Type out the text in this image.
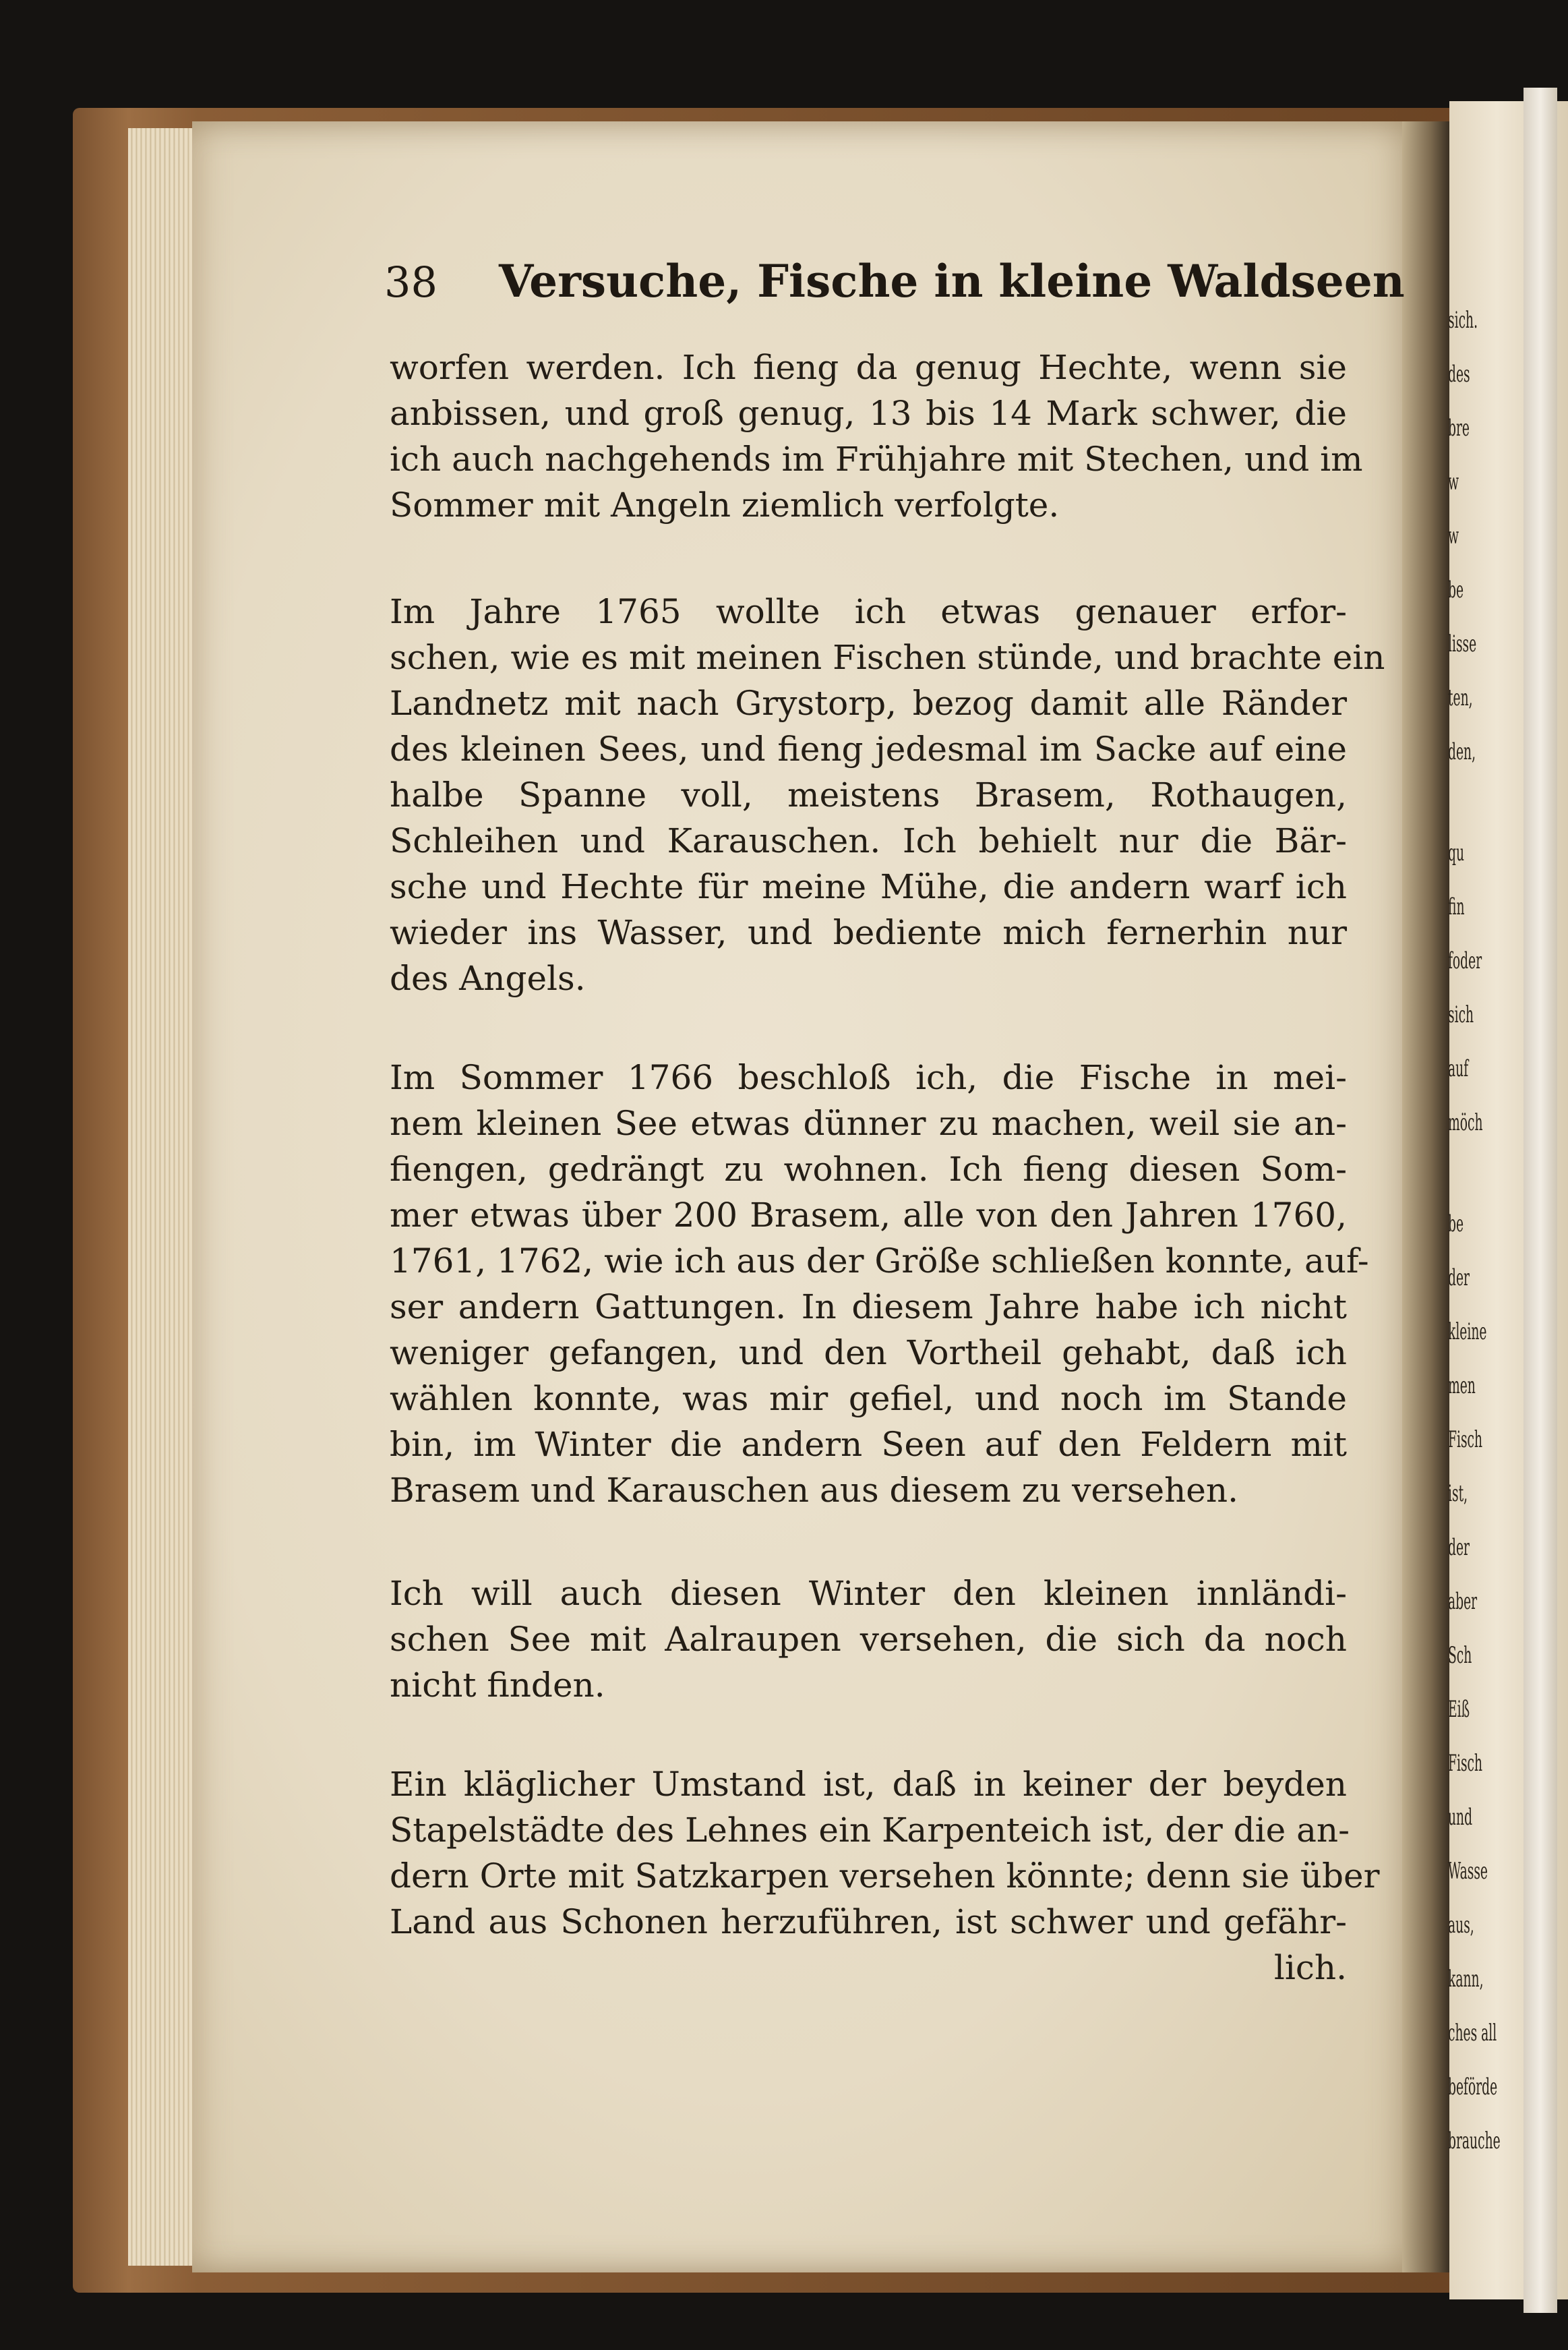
sich.
des
bre
w
w
be
lisse
ten,
den,
qu
fin
foder
sich
auf
möch
be
der
kleine
men
Fisch
ist,
der
aber
Sch
Eiß
Fisch
und
Wasse
aus,
kann,
ches all
beförde
brauche
38 Versuche, Fische in kleine Waldseen
worfen werden. Ich fieng da genug Hechte, wenn sie
anbissen, und groß genug, 13 bis 14 Mark schwer, die
ich auch nachgehends im Frühjahre mit Stechen, und im
Sommer mit Angeln ziemlich verfolgte.
Im Jahre 1765 wollte ich etwas genauer erfor-
schen, wie es mit meinen Fischen stünde, und brachte ein
Landnetz mit nach Grystorp, bezog damit alle Ränder
des kleinen Sees, und fieng jedesmal im Sacke auf eine
halbe Spanne voll, meistens Brasem, Rothaugen,
Schleihen und Karauschen. Ich behielt nur die Bär-
sche und Hechte für meine Mühe, die andern warf ich
wieder ins Wasser, und bediente mich fernerhin nur
des Angels.
Im Sommer 1766 beschloß ich, die Fische in mei-
nem kleinen See etwas dünner zu machen, weil sie an-
fiengen, gedrängt zu wohnen. Ich fieng diesen Som-
mer etwas über 200 Brasem, alle von den Jahren 1760,
1761, 1762, wie ich aus der Größe schließen konnte, auf-
ser andern Gattungen. In diesem Jahre habe ich nicht
weniger gefangen, und den Vortheil gehabt, daß ich
wählen konnte, was mir gefiel, und noch im Stande
bin, im Winter die andern Seen auf den Feldern mit
Brasem und Karauschen aus diesem zu versehen.
Ich will auch diesen Winter den kleinen innländi-
schen See mit Aalraupen versehen, die sich da noch
nicht finden.
Ein kläglicher Umstand ist, daß in keiner der beyden
Stapelstädte des Lehnes ein Karpenteich ist, der die an-
dern Orte mit Satzkarpen versehen könnte; denn sie über
Land aus Schonen herzuführen, ist schwer und gefähr-
lich.
